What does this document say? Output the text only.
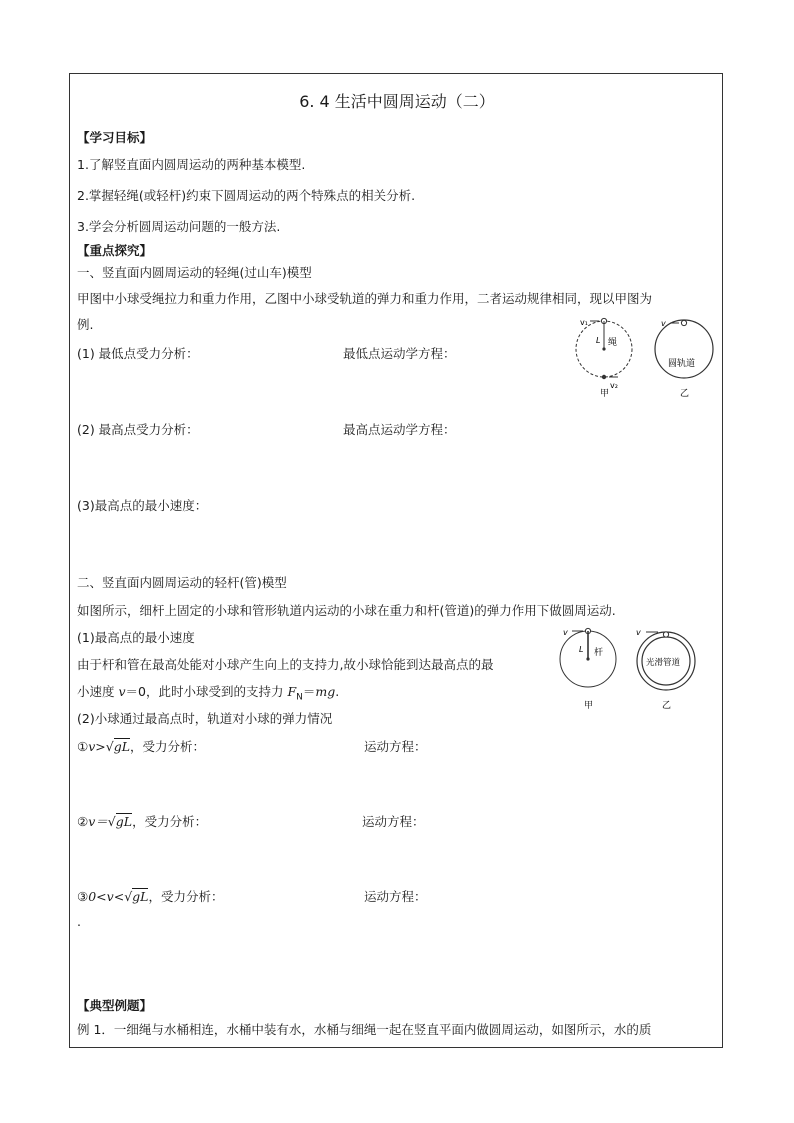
6. 4 生活中圆周运动（二）
【学习目标】
1.了解竖直面内圆周运动的两种基本模型.
2.掌握轻绳(或轻杆)约束下圆周运动的两个特殊点的相关分析.
3.学会分析圆周运动问题的一般方法.
【重点探究】
一、竖直面内圆周运动的轻绳(过山车)模型
甲图中小球受绳拉力和重力作用，乙图中小球受轨道的弹力和重力作用，二者运动规律相同，现以甲图为
例.
(1) 最低点受力分析：	最低点运动学方程：
(2) 最高点受力分析：	最高点运动学方程：
(3)最高点的最小速度：
v₁
v₂
L 绳
甲
v
圆轨道
乙
二、竖直面内圆周运动的轻杆(管)模型
如图所示，细杆上固定的小球和管形轨道内运动的小球在重力和杆(管道)的弹力作用下做圆周运动.
(1)最高点的最小速度
由于杆和管在最高处能对小球产生向上的支持力,故小球恰能到达最高点的最
小速度 v＝0，此时小球受到的支持力 $F_N=mg$.
(2)小球通过最高点时，轨道对小球的弹力情况
v
L 杆
甲
v
光滑管道
乙
①v>√gL，受力分析：	运动方程：
②v＝√gL，受力分析：	运动方程：
③0<v<√gL，受力分析：	运动方程：
.
【典型例题】
例 1．一细绳与水桶相连，水桶中装有水，水桶与细绳一起在竖直平面内做圆周运动，如图所示，水的质
